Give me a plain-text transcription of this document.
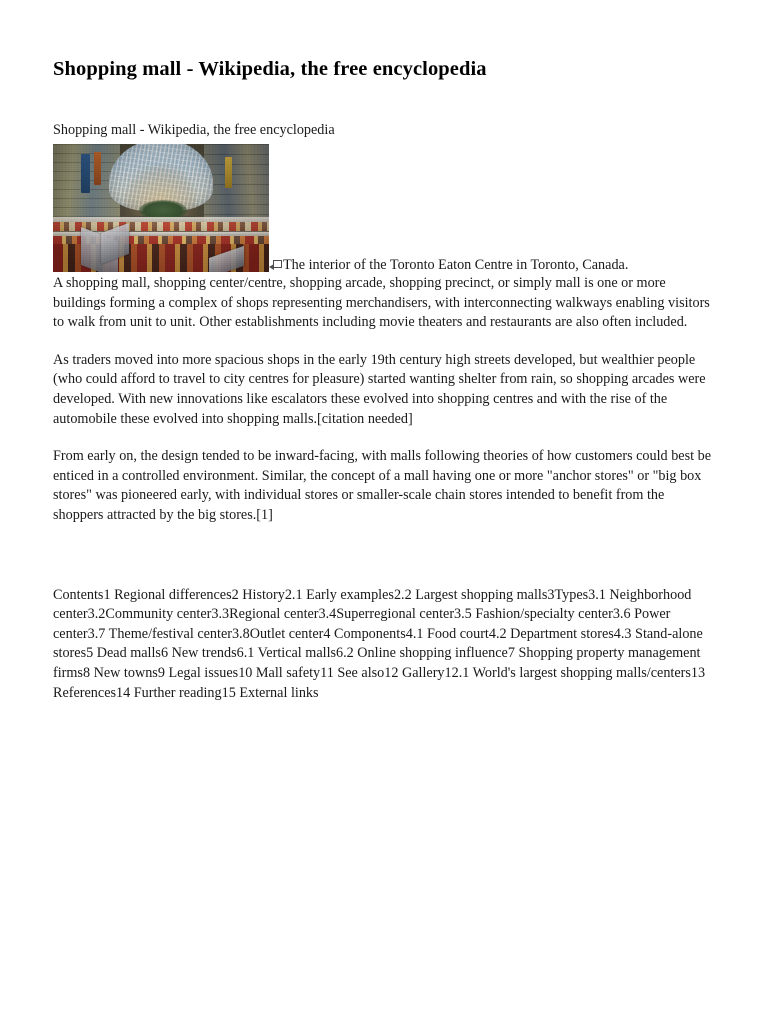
Shopping mall - Wikipedia, the free encyclopedia
Shopping mall - Wikipedia, the free encyclopedia
The interior of the Toronto Eaton Centre in Toronto, Canada.
A shopping mall, shopping center/centre, shopping arcade, shopping precinct, or simply mall is one or more buildings forming a complex of shops representing merchandisers, with interconnecting walkways enabling visitors to walk from unit to unit. Other establishments including movie theaters and restaurants are also often included.
As traders moved into more spacious shops in the early 19th century high streets developed, but wealthier people (who could afford to travel to city centres for pleasure) started wanting shelter from rain, so shopping arcades were developed. With new innovations like escalators these evolved into shopping centres and with the rise of the automobile these evolved into shopping malls.[citation needed]
From early on, the design tended to be inward-facing, with malls following theories of how customers could best be enticed in a controlled environment. Similar, the concept of a mall having one or more "anchor stores" or "big box stores" was pioneered early, with individual stores or smaller-scale chain stores intended to benefit from the shoppers attracted by the big stores.[1]
Contents1 Regional differences2 History2.1 Early examples2.2 Largest shopping malls3Types3.1 Neighborhood center3.2Community center3.3Regional center3.4Superregional center3.5 Fashion/specialty center3.6 Power center3.7 Theme/festival center3.8Outlet center4 Components4.1 Food court4.2 Department stores4.3 Stand-alone stores5 Dead malls6 New trends6.1 Vertical malls6.2 Online shopping influence7 Shopping property management firms8 New towns9 Legal issues10 Mall safety11 See also12 Gallery12.1 World's largest shopping malls/centers13 References14 Further reading15 External links
